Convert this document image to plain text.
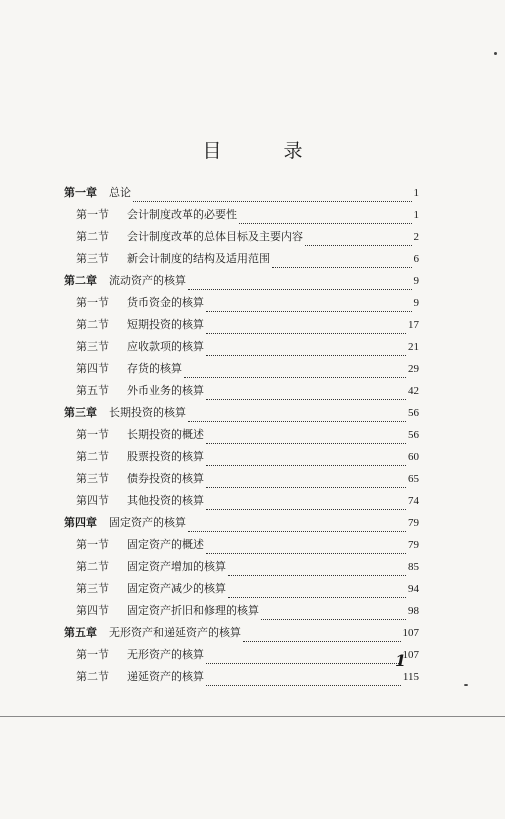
目 录
第一章 总论	1
第一节 会计制度改革的必要性	1
第二节 会计制度改革的总体目标及主要内容	2
第三节 新会计制度的结构及适用范围	6
第二章 流动资产的核算	9
第一节 货币资金的核算	9
第二节 短期投资的核算	17
第三节 应收款项的核算	21
第四节 存货的核算	29
第五节 外币业务的核算	42
第三章 长期投资的核算	56
第一节 长期投资的概述	56
第二节 股票投资的核算	60
第三节 债券投资的核算	65
第四节 其他投资的核算	74
第四章 固定资产的核算	79
第一节 固定资产的概述	79
第二节 固定资产增加的核算	85
第三节 固定资产减少的核算	94
第四节 固定资产折旧和修理的核算	98
第五章 无形资产和递延资产的核算	107
第一节 无形资产的核算	107
第二节 递延资产的核算	115
1
